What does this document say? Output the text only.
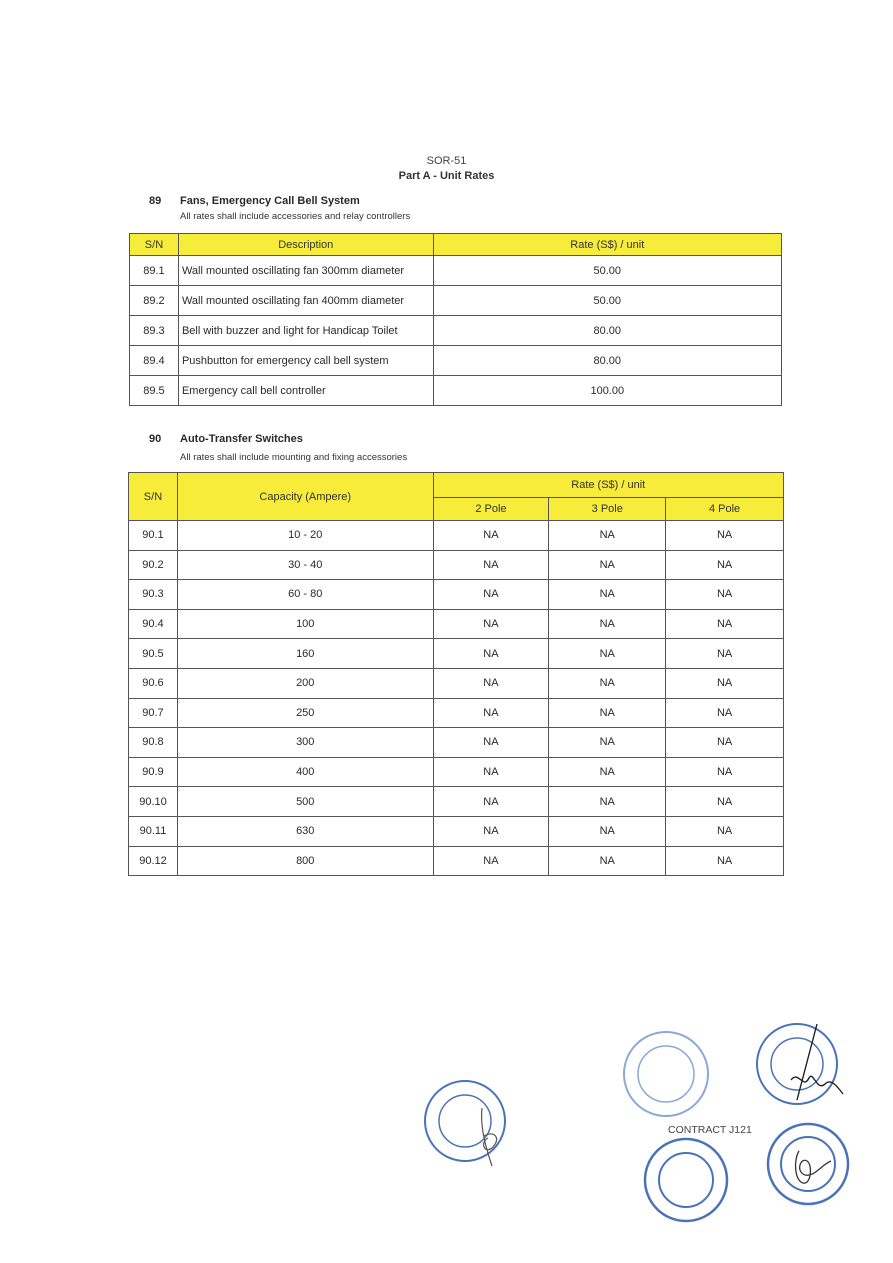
SOR-51
Part A - Unit Rates
89 Fans, Emergency Call Bell System
All rates shall include accessories and relay controllers
S/N	Description	Rate (S$) / unit
89.1	Wall mounted oscillating fan 300mm diameter	50.00
89.2	Wall mounted oscillating fan 400mm diameter	50.00
89.3	Bell with buzzer and light for Handicap Toilet	80.00
89.4	Pushbutton for emergency call bell system	80.00
89.5	Emergency call bell controller	100.00
90 Auto-Transfer Switches
All rates shall include mounting and fixing accessories
S/N	Capacity (Ampere)	Rate (S$) / unit		
		2 Pole	3 Pole	4 Pole
90.1	10 - 20	NA	NA	NA
90.2	30 - 40	NA	NA	NA
90.3	60 - 80	NA	NA	NA
90.4	100	NA	NA	NA
90.5	160	NA	NA	NA
90.6	200	NA	NA	NA
90.7	250	NA	NA	NA
90.8	300	NA	NA	NA
90.9	400	NA	NA	NA
90.10	500	NA	NA	NA
90.11	630	NA	NA	NA
90.12	800	NA	NA	NA
CONTRACT J121
